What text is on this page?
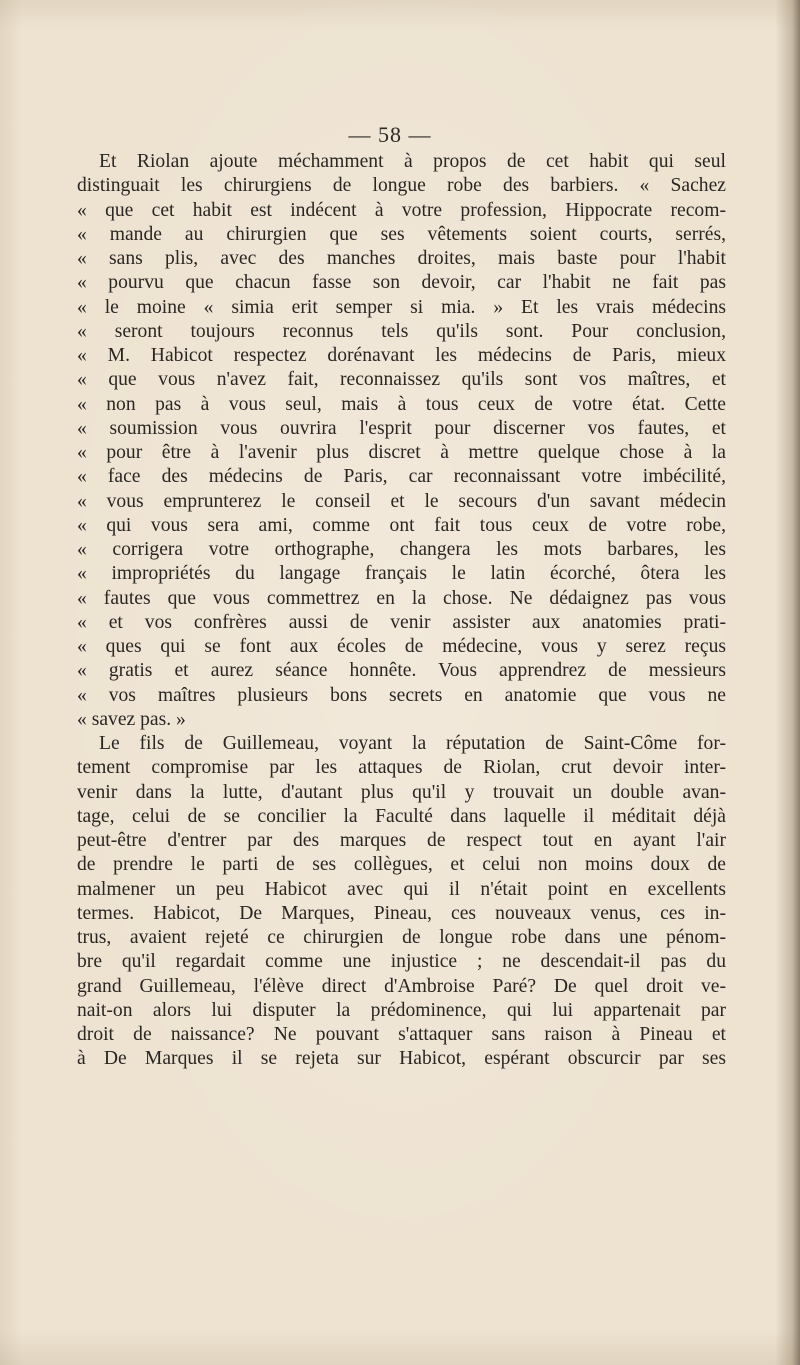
— 58 —
Et Riolan ajoute méchamment à propos de cet habit qui seul
distinguait les chirurgiens de longue robe des barbiers. « Sachez
« que cet habit est indécent à votre profession, Hippocrate recom-
« mande au chirurgien que ses vêtements soient courts, serrés,
« sans plis, avec des manches droites, mais baste pour l'habit
« pourvu que chacun fasse son devoir, car l'habit ne fait pas
« le moine « simia erit semper si mia. » Et les vrais médecins
« seront toujours reconnus tels qu'ils sont. Pour conclusion,
« M. Habicot respectez dorénavant les médecins de Paris, mieux
« que vous n'avez fait, reconnaissez qu'ils sont vos maîtres, et
« non pas à vous seul, mais à tous ceux de votre état. Cette
« soumission vous ouvrira l'esprit pour discerner vos fautes, et
« pour être à l'avenir plus discret à mettre quelque chose à la
« face des médecins de Paris, car reconnaissant votre imbécilité,
« vous emprunterez le conseil et le secours d'un savant médecin
« qui vous sera ami, comme ont fait tous ceux de votre robe,
« corrigera votre orthographe, changera les mots barbares, les
« impropriétés du langage français le latin écorché, ôtera les
« fautes que vous commettrez en la chose. Ne dédaignez pas vous
« et vos confrères aussi de venir assister aux anatomies prati-
« ques qui se font aux écoles de médecine, vous y serez reçus
« gratis et aurez séance honnête. Vous apprendrez de messieurs
« vos maîtres plusieurs bons secrets en anatomie que vous ne
« savez pas. »
Le fils de Guillemeau, voyant la réputation de Saint-Côme for-
tement compromise par les attaques de Riolan, crut devoir inter-
venir dans la lutte, d'autant plus qu'il y trouvait un double avan-
tage, celui de se concilier la Faculté dans laquelle il méditait déjà
peut-être d'entrer par des marques de respect tout en ayant l'air
de prendre le parti de ses collègues, et celui non moins doux de
malmener un peu Habicot avec qui il n'était point en excellents
termes. Habicot, De Marques, Pineau, ces nouveaux venus, ces in-
trus, avaient rejeté ce chirurgien de longue robe dans une pénom-
bre qu'il regardait comme une injustice ; ne descendait-il pas du
grand Guillemeau, l'élève direct d'Ambroise Paré? De quel droit ve-
nait-on alors lui disputer la prédominence, qui lui appartenait par
droit de naissance? Ne pouvant s'attaquer sans raison à Pineau et
à De Marques il se rejeta sur Habicot, espérant obscurcir par ses
